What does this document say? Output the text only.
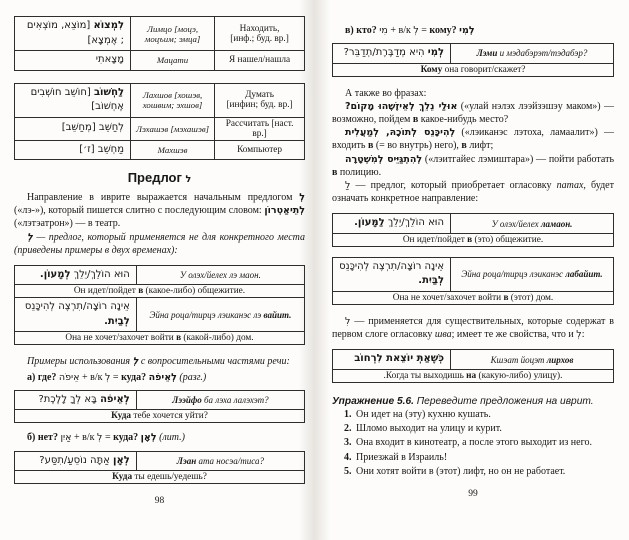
לִמְצוֹא [מוֹצֵא, מוֹצְאִים ; אֶמְצָא]	Лимцо [моцэ, моцъим; эмца]	Находить,
[инф.; буд. вр.]

מָצָאתִי	Мацати	Я нашел/нашла
לַחְשׁוֹב [חוֹשֵׁב חוֹשְׁבִים אֶחְשׁוֹב]	Лахшов [хошэв, хошвим; эхшов]	Думать
[инфин; буд. вр.]

לְחַשֵּׁב [מְחַשֵּׁב]	Лэхашэв [мэхашэв]	Рассчитать [наст. вр.]
מַחְשֵׁב [ז׳]	Махшэв	Компьютер
Предлог ל

Направление в иврите выражается начальным предлогом לְ («лэ-»), который пишется слитно с последующим словом: לְתֵיאַטְרוֹן («лэтэатрон») — в театр.

לְ — предлог, который применяется не для конкретного места (приведены примеры в двух временах):

הוּא הוֹלֵךְ/יֵלֵךְ לְמָעוֹן.	У олэх/йелех лэ маон.
Он идет/пойдет в (какое-либо) общежитие.	
אֵינָה רוֹצָה/תִרְצֶה לְהִיכָּנֵס לְבַיִת.	Эйна роца/тирцэ лэиканэс лэ вайит.
Она не хочет/захочет войти в (какой-либо) дом.	

Примеры использования לְ с вопросительными частями речи:

а) где? אֵיפֹה + в/к לְ = куда? לְאֵיפֹה (разг.)
לְאֵיפֹה בָּא לְךָ לָלֶכֶת?	Лээйфо ба лэха лалэхэт?
Куда тебе хочется уйти?
б) нет? אַיִן + в/к לְ = куда? לְאָן (лит.)
לְאָן אַתָּה נוֹסֵעַ/תִסַּע?	Лэан ата носэа/тиса?
Куда ты едешь/уедешь?
98
в) кто? מִי + в/к לְ = кому? לְמִי
לְמִי הִיא מְדַבֶּרֶת/תְדַבֵּר?	Лэми и мэдабэрэт/тэдабэр?
Кому она говорит/скажет?

А также во фразах:

אוּלַי נֵלֵךְ לְאֵיזֶשֶׁהוּ מָקוֹם? («улай нэлэх лээйзэшэу маком») — возможно, пойдем в какое-нибудь место?

לְהִיכָּנֵס לְתוֹכָהּ, לְמַעֲלִית («лэиканэс лэтоха, ламаалит») — входить в (= во внутрь) него), в лифт;

לְהִתְגַּיֵּיס לְמִשְׁטָרָה («лэитгайес лэмиштара») — пойти работать в полицию.

לַ — предлог, который приобретает огласовку патах, будет означать конкретное направление:

הוּא הוֹלֵךְ/יֵלֵךְ לַמָּעוֹן.	У олэх/йелех ламаон.
Он идет/пойдет в (это) общежитие.
אֵינָה רוֹצָה/תִרְצֶה לְהִיכָּנֵס לְבַּיִת.	Эйна роца/тирцэ лэиканэс лабайит.
Она не хочет/захочет войти в (этот) дом.

לִ — применяется для существительных, которые содержат в первом слоге огласовку шва; имеет те же свойства, что и לְ:

כְּשֶׁאַתְּ יוֹצֵאת לִרְחוֹב	Кшэат йоцэт лирхов
.Когда ты выходишь на (какую-либо) улицу).
Упражнение 5.6. Переведите предложения на иврит.
1. Он идет на (эту) кухню кушать.
2. Шломо выходит на улицу и курит.
3. Она входит в кинотеатр, а после этого выходит из него.
4. Приезжай в Израиль!
5. Они хотят войти в (этот) лифт, но он не работает.
99
